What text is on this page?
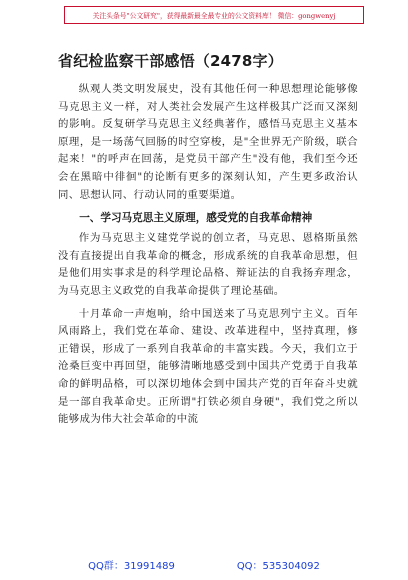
关注头条号"公文研究"，获得最新最全最专业的公文资料库！ 微信：gongwenyj
省纪检监察干部感悟（2478字）

纵观人类文明发展史，没有其他任何一种思想理论能够像马克思主义一样，对人类社会发展产生这样极其广泛而又深刻的影响。反复研学马克思主义经典著作，感悟马克思主义基本原理，是一场荡气回肠的时空穿梭，是"全世界无产阶级，联合起来！"的呼声在回荡，是党员干部产生"没有他，我们至今还会在黑暗中徘徊"的论断有更多的深刻认知，产生更多政治认同、思想认同、行动认同的重要渠道。

一、学习马克思主义原理，感受党的自我革命精神

作为马克思主义建党学说的创立者，马克思、恩格斯虽然没有直接提出自我革命的概念，形成系统的自我革命思想，但是他们用实事求是的科学理论品格、辩证法的自我扬弃理念，为马克思主义政党的自我革命提供了理论基础。

十月革命一声炮响，给中国送来了马克思列宁主义。百年风雨路上，我们党在革命、建设、改革进程中，坚持真理，修正错误，形成了一系列自我革命的丰富实践。今天，我们立于沧桑巨变中再回望，能够清晰地感受到中国共产党勇于自我革命的鲜明品格，可以深切地体会到中国共产党的百年奋斗史就是一部自我革命史。正所谓"打铁必须自身硬"，我们党之所以能够成为伟大社会革命的中流

QQ群：31991489	QQ：535304092
